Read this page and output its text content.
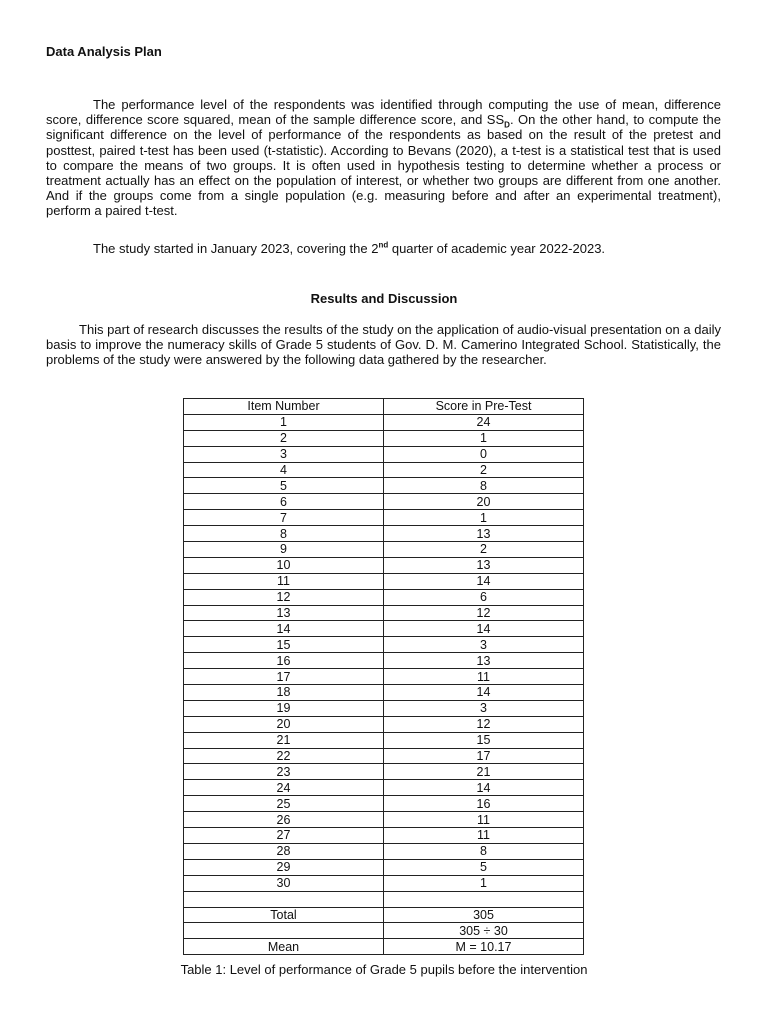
Data Analysis Plan

The performance level of the respondents was identified through computing the use of mean, difference score, difference score squared, mean of the sample difference score, and $SS_D$. On the other hand, to compute the significant difference on the level of performance of the respondents as based on the result of the pretest and posttest, paired t-test has been used (t-statistic). According to Bevans (2020), a t-test is a statistical test that is used to compare the means of two groups. It is often used in hypothesis testing to determine whether a process or treatment actually has an effect on the population of interest, or whether two groups are different from one another. And if the groups come from a single population (e.g. measuring before and after an experimental treatment), perform a paired t-test.

The study started in January 2023, covering the 2nd quarter of academic year 2022-2023.

Results and Discussion

This part of research discusses the results of the study on the application of audio-visual presentation on a daily basis to improve the numeracy skills of Grade 5 students of Gov. D. M. Camerino Integrated School. Statistically, the problems of the study were answered by the following data gathered by the researcher.

Item Number	Score in Pre-Test
1	24
2	1
3	0
4	2
5	8
6	20
7	1
8	13
9	2
10	13
11	14
12	6
13	12
14	14
15	3
16	13
17	11
18	14
19	3
20	12
21	15
22	17
23	21
24	14
25	16
26	11
27	11
28	8
29	5
30	1

Total	305
	305 ÷ 30
Mean	M = 10.17

Table 1: Level of performance of Grade 5 pupils before the intervention
